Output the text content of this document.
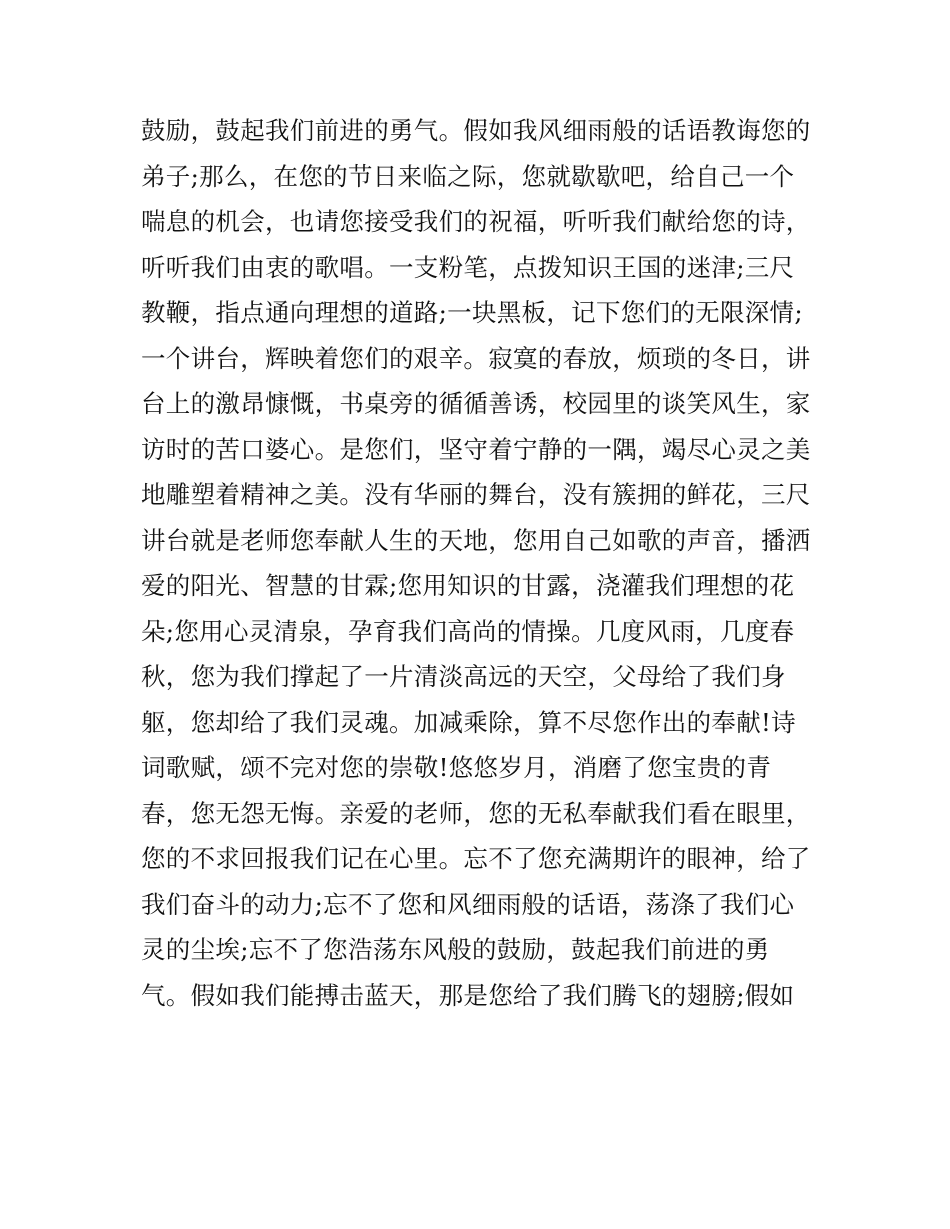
鼓励，鼓起我们前进的勇气。假如我风细雨般的话语教诲您的
弟子;那么，在您的节日来临之际，您就歇歇吧，给自己一个
喘息的机会，也请您接受我们的祝福，听听我们献给您的诗，
听听我们由衷的歌唱。一支粉笔，点拨知识王国的迷津;三尺
教鞭，指点通向理想的道路;一块黑板，记下您们的无限深情;
一个讲台，辉映着您们的艰辛。寂寞的春放，烦琐的冬日，讲
台上的激昂慷慨，书桌旁的循循善诱，校园里的谈笑风生，家
访时的苦口婆心。是您们，坚守着宁静的一隅，竭尽心灵之美
地雕塑着精神之美。没有华丽的舞台，没有簇拥的鲜花，三尺
讲台就是老师您奉献人生的天地，您用自己如歌的声音，播洒
爱的阳光、智慧的甘霖;您用知识的甘露，浇灌我们理想的花
朵;您用心灵清泉，孕育我们高尚的情操。几度风雨，几度春
秋，您为我们撑起了一片清淡高远的天空，父母给了我们身
躯，您却给了我们灵魂。加减乘除，算不尽您作出的奉献!诗
词歌赋，颂不完对您的崇敬!悠悠岁月，消磨了您宝贵的青
春，您无怨无悔。亲爱的老师，您的无私奉献我们看在眼里，
您的不求回报我们记在心里。忘不了您充满期许的眼神，给了
我们奋斗的动力;忘不了您和风细雨般的话语，荡涤了我们心
灵的尘埃;忘不了您浩荡东风般的鼓励，鼓起我们前进的勇
气。假如我们能搏击蓝天，那是您给了我们腾飞的翅膀;假如
